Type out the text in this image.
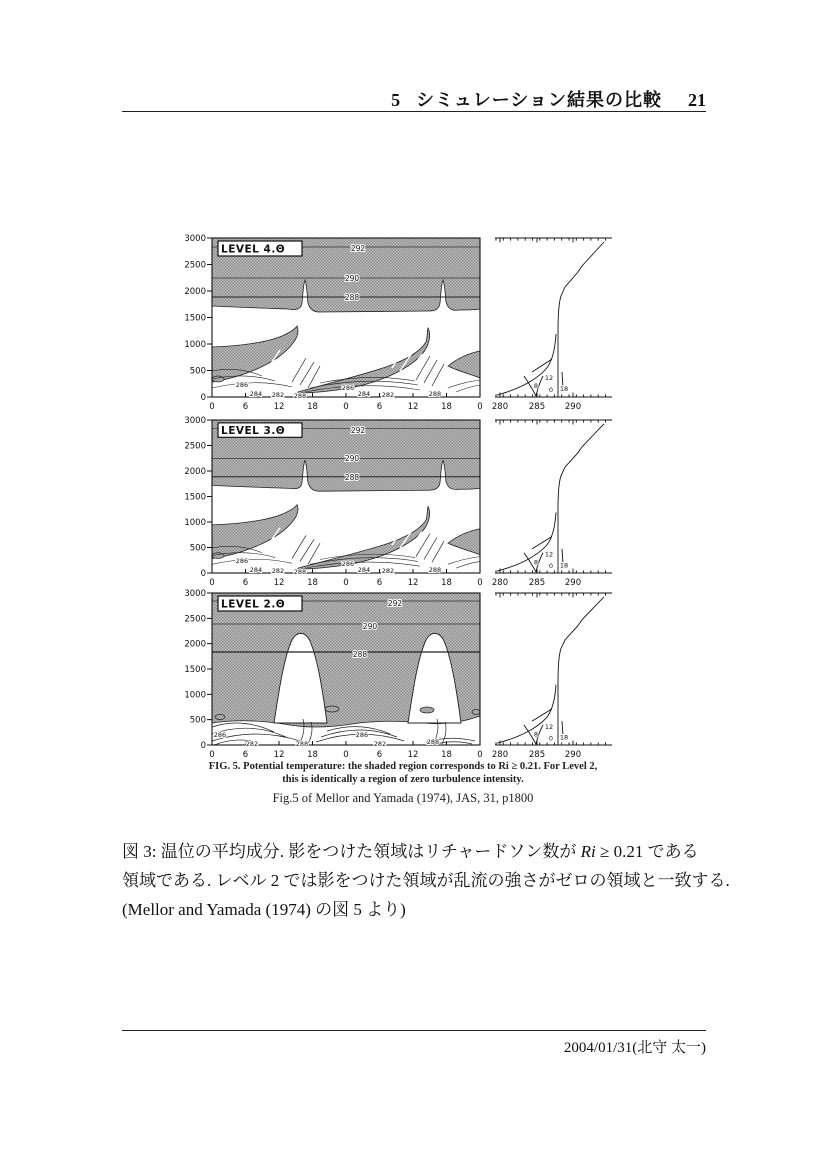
5 シミュレーション結果の比較 21
3000
2500
2000
1500
1000
500
0
0	6	12	18	0	6	12	18	0
292
290
288
286
284 282 288
286
284 282	288
LEVEL 4.Θ
280 285 290
12
8 0 18
3000
2500
2000
1500
1000
500
0
0	6	12	18	0	6	12	18	0
292
290
288
286
284 282 288
286
284 282	288
LEVEL 3.Θ
280 285 290
12
8 0 18
3000
2500
2000
1500
1000
500
0
0	6	12	18	0	6	12	18	0
292
290
288
286
282	288
286
282	288
LEVEL 2.Θ
280 285 290
12
8 0 18
FIG. 5. Potential temperature: the shaded region corresponds to Ri ≥ 0.21. For Level 2,
this is identically a region of zero turbulence intensity.
Fig.5 of Mellor and Yamada (1974), JAS, 31, p1800
図 3: 温位の平均成分. 影をつけた領域はリチャードソン数が Ri ≥ 0.21 である
領域である. レベル 2 では影をつけた領域が乱流の強さがゼロの領域と一致する.
(Mellor and Yamada (1974) の図 5 より)
2004/01/31(北守 太一)
